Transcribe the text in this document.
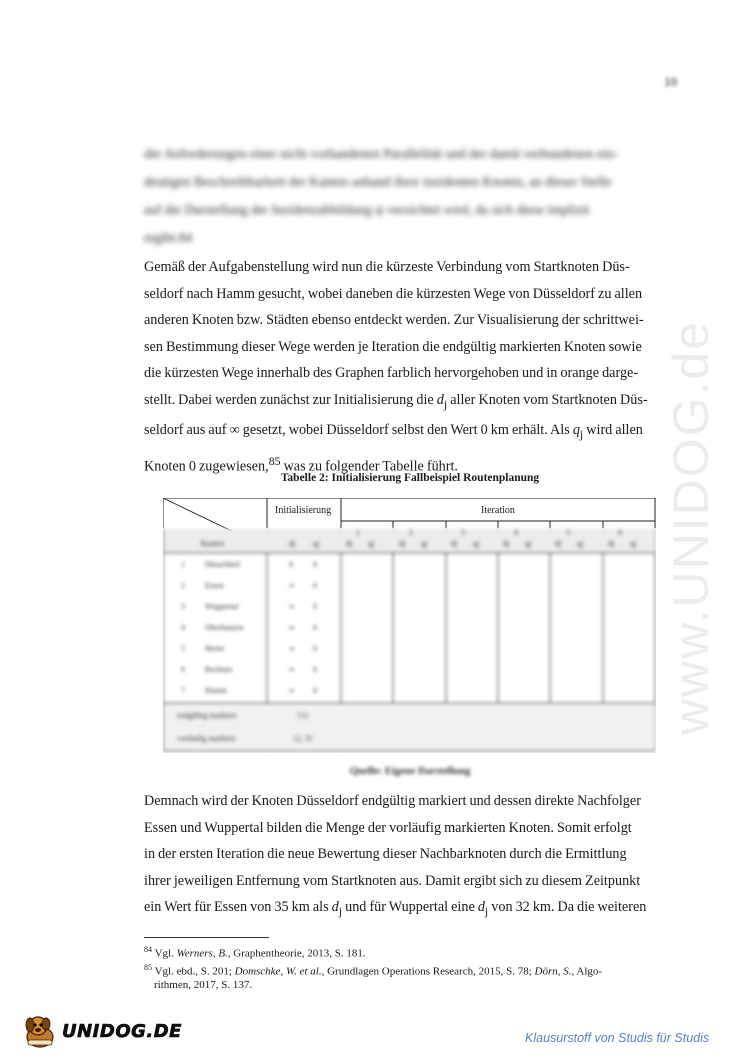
10
www.UNIDOG.de

der Anforderungen einer nicht vorhandenen Parallelität und der damit verbundenen ein-

deutigen Beschreibbarkeit der Kanten anhand ihrer inzidenten Knoten, an dieser Stelle

auf die Darstellung der Inzidenzabbildung ψ verzichtet wird, da sich diese implizit

ergibt.84

Gemäß der Aufgabenstellung wird nun die kürzeste Verbindung vom Startknoten Düs-

seldorf nach Hamm gesucht, wobei daneben die kürzesten Wege von Düsseldorf zu allen

anderen Knoten bzw. Städten ebenso entdeckt werden. Zur Visualisierung der schrittwei-

sen Bestimmung dieser Wege werden je Iteration die endgültig markierten Knoten sowie

die kürzesten Wege innerhalb des Graphen farblich hervorgehoben und in orange darge-

stellt. Dabei werden zunächst zur Initialisierung die $d_j$ aller Knoten vom Startknoten Düs-

seldorf aus auf ∞ gesetzt, wobei Düsseldorf selbst den Wert 0 km erhält. Als $q_j$ wird allen

Knoten 0 zugewiesen,$^{85}$ was zu folgender Tabelle führt.

Tabelle 2: Initialisierung Fallbeispiel Routenplanung
Initialisierung	Iteration
Kanten	dj qj
1	2	3	4	5	6
dj qj	dj qj	dj qj	dj qj	dj qj	dj qj
1	Düsseldorf	0	0
2	Essen	∞ 0
3	Wuppertal	∞ 0
4	Oberhausen	∞ 0
5	Herne	∞ 0
6	Bochum	∞ 0
7	Hamm	∞ 0
endgültig markiert	{1}
vorläufig markiert	{2, 3}
Quelle: Eigene Darstellung

Demnach wird der Knoten Düsseldorf endgültig markiert und dessen direkte Nachfolger

Essen und Wuppertal bilden die Menge der vorläufig markierten Knoten. Somit erfolgt

in der ersten Iteration die neue Bewertung dieser Nachbarknoten durch die Ermittlung

ihrer jeweiligen Entfernung vom Startknoten aus. Damit ergibt sich zu diesem Zeitpunkt

ein Wert für Essen von 35 km als $d_j$ und für Wuppertal eine $d_j$ von 32 km. Da die weiteren

$^{84}$ Vgl. Werners, B., Graphentheorie, 2013, S. 181.

$^{85}$ Vgl. ebd., S. 201; Domschke, W. et al., Grundlagen Operations Research, 2015, S. 78; Dörn, S., Algo-
rithmen, 2017, S. 137.

UNIDOG.DE	Klausurstoff von Studis für Studis
